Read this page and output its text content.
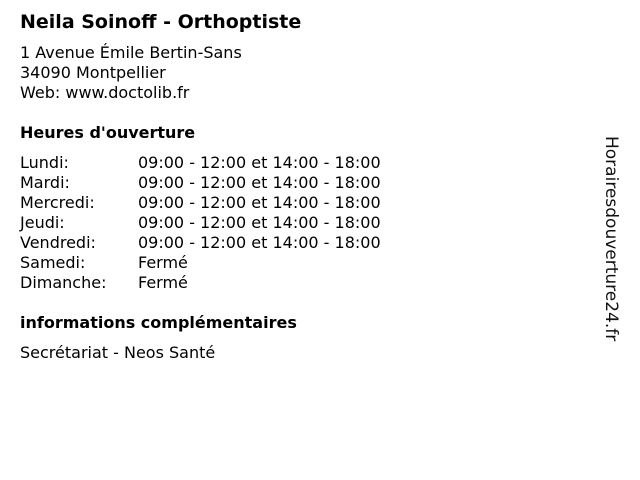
Neila Soinoff - Orthoptiste
1 Avenue Émile Bertin-Sans
34090 Montpellier
Web: www.doctolib.fr
Heures d'ouverture
Lundi:	09:00 - 12:00 et 14:00 - 18:00
Mardi:	09:00 - 12:00 et 14:00 - 18:00
Mercredi:	09:00 - 12:00 et 14:00 - 18:00
Jeudi:	09:00 - 12:00 et 14:00 - 18:00
Vendredi:	09:00 - 12:00 et 14:00 - 18:00
Samedi:	Fermé
Dimanche:	Fermé
informations complémentaires
Secrétariat - Neos Santé
Horairesdouverture24.fr
